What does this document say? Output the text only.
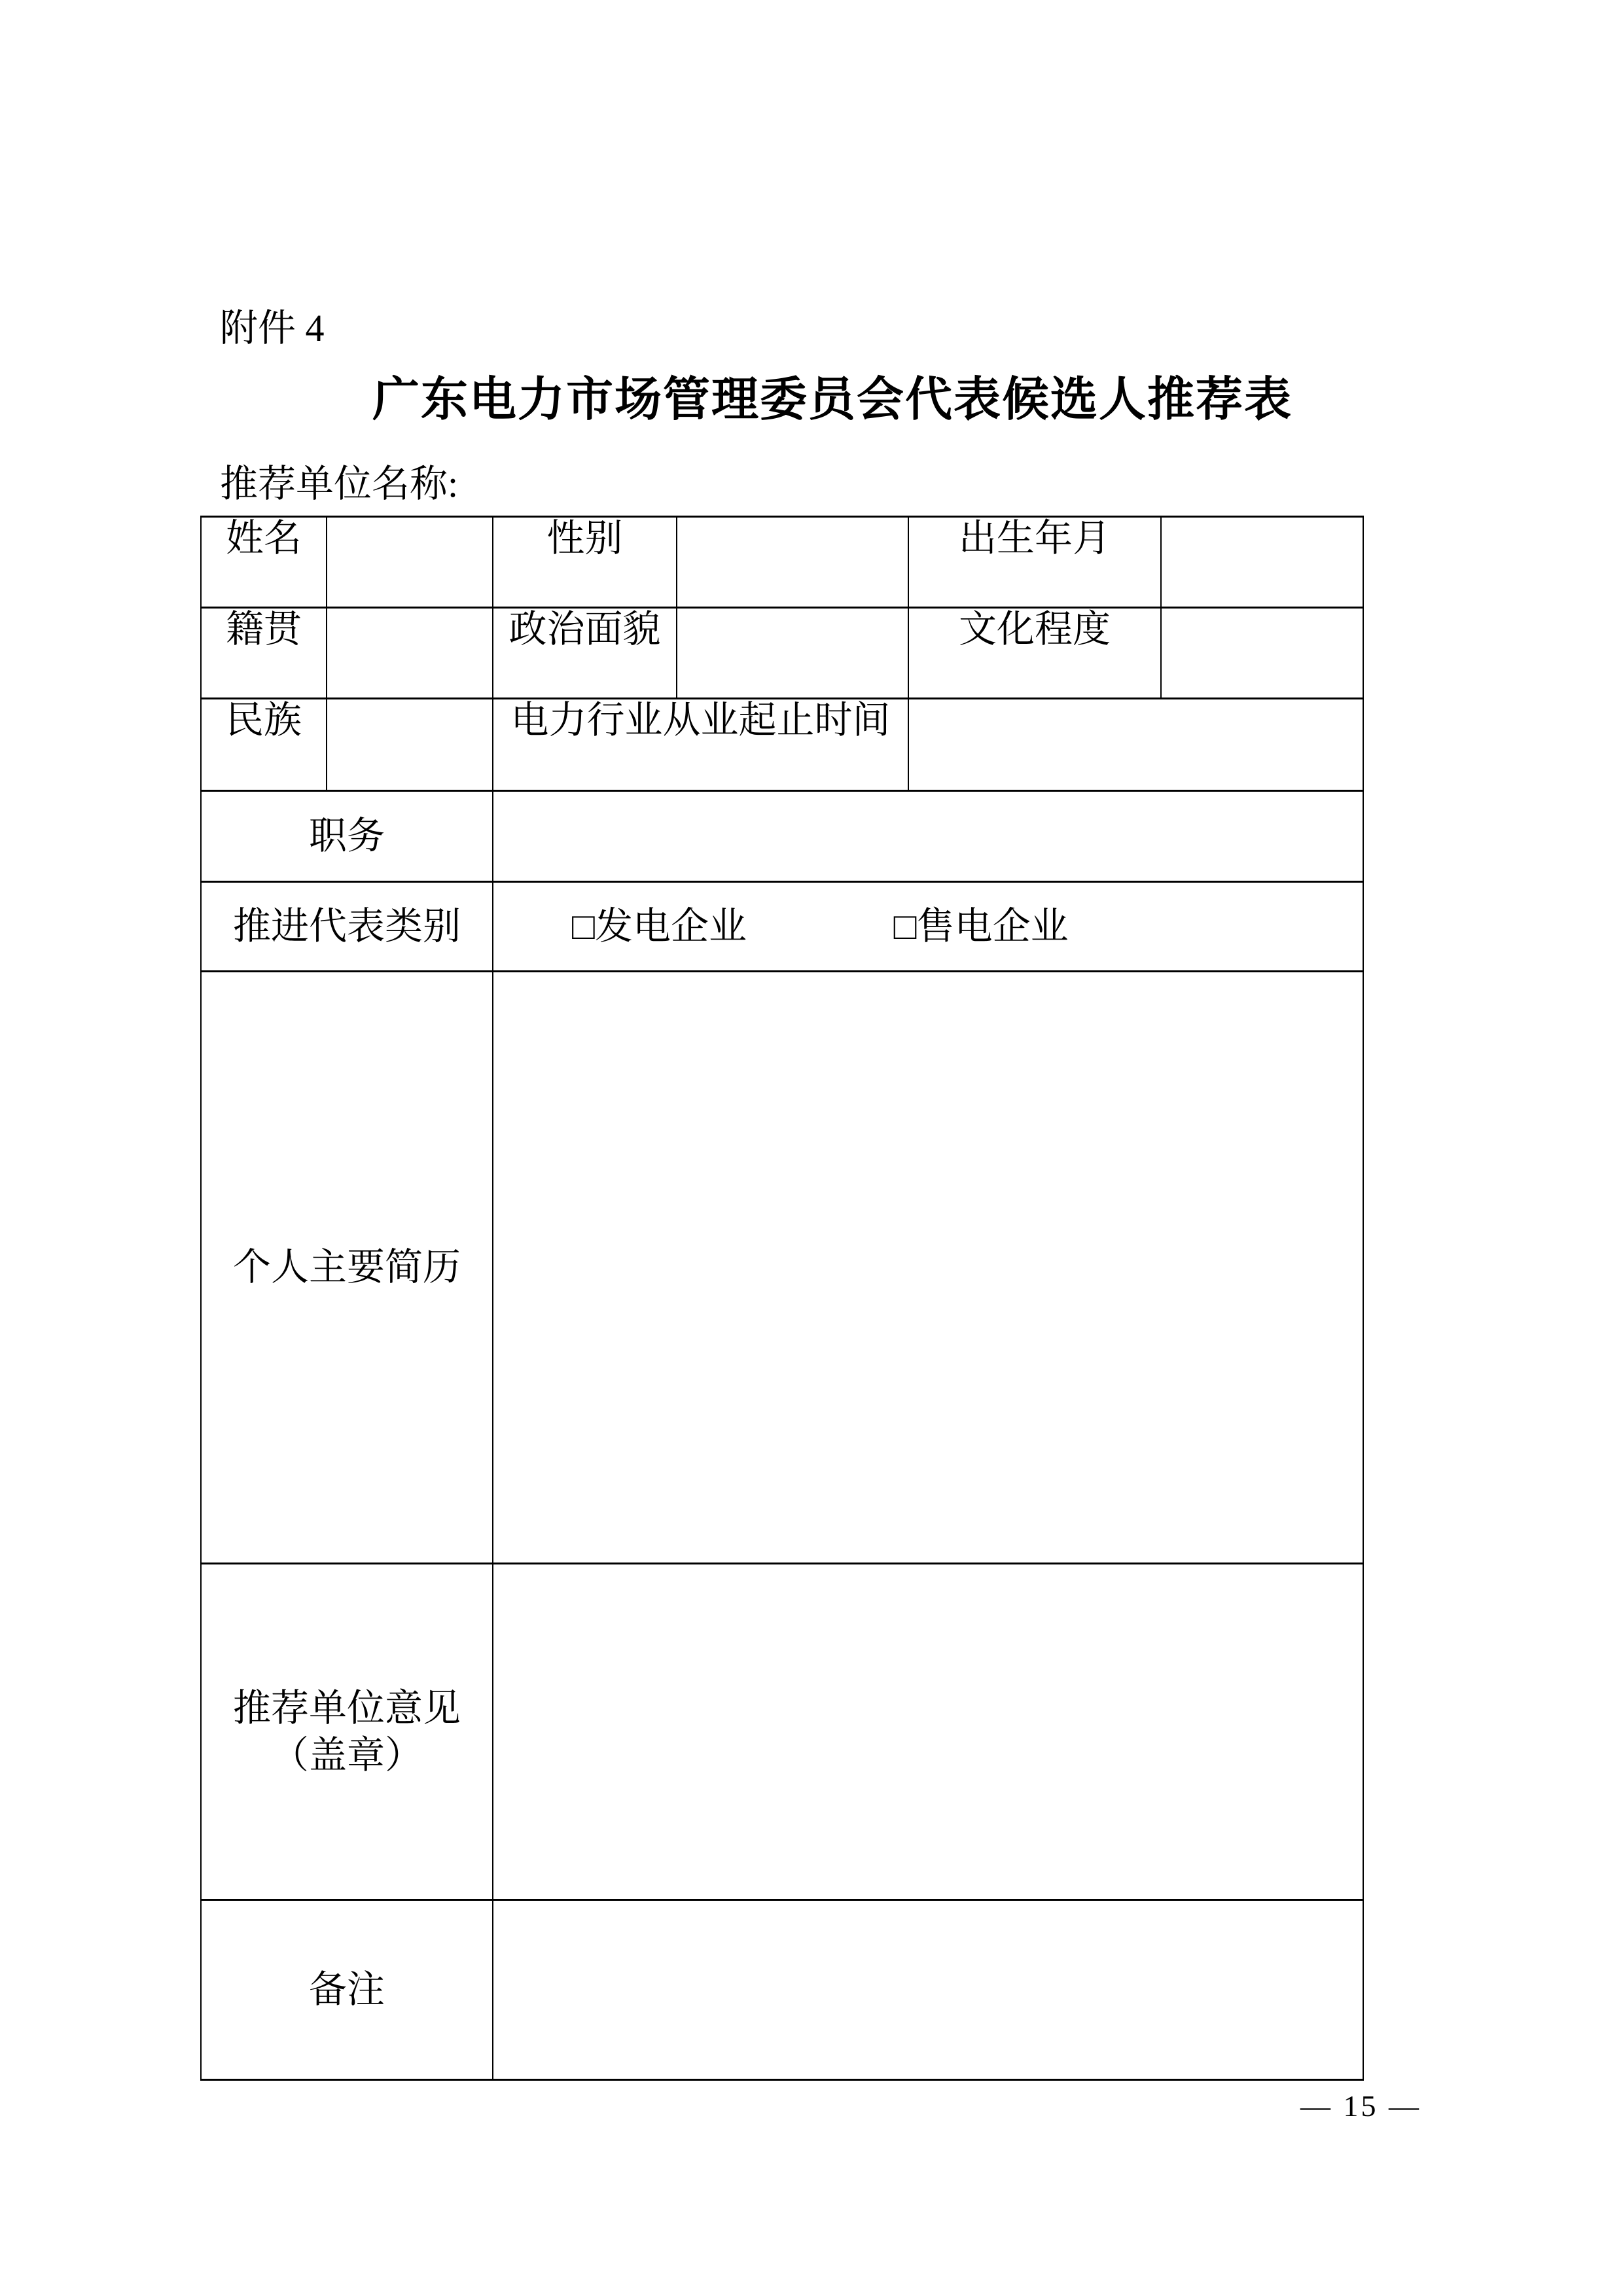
附件 4
广东电力市场管理委员会代表候选人推荐表
推荐单位名称:
姓名		性别		出生年月	
籍贯		政治面貌		文化程度	
民族		电力行业从业起止时间			
职务					
推进代表类别		□发电企业 □售电企业			
个人主要简历					

推荐单位意见
（盖章）					

备注					
— 15 —
